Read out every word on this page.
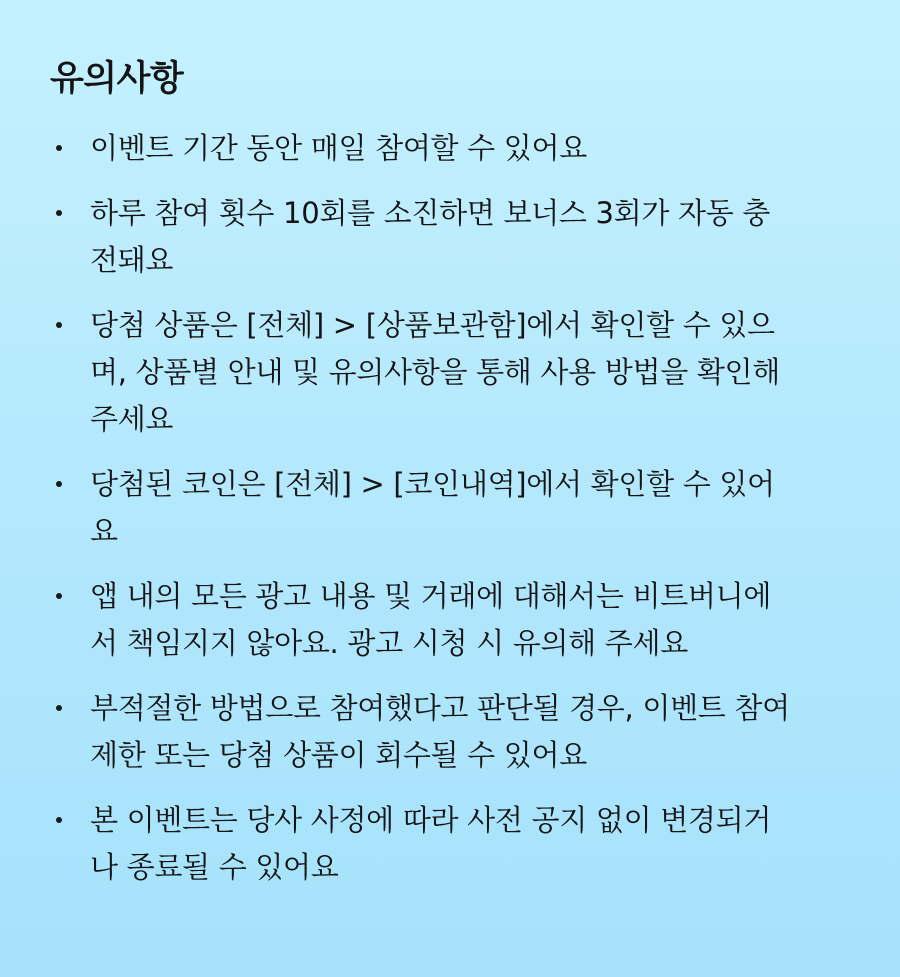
유의사항
이벤트 기간 동안 매일 참여할 수 있어요
하루 참여 횟수 10회를 소진하면 보너스 3회가 자동 충
전돼요
당첨 상품은 [전체] > [상품보관함]에서 확인할 수 있으
며, 상품별 안내 및 유의사항을 통해 사용 방법을 확인해
주세요
당첨된 코인은 [전체] > [코인내역]에서 확인할 수 있어
요
앱 내의 모든 광고 내용 및 거래에 대해서는 비트버니에
서 책임지지 않아요. 광고 시청 시 유의해 주세요
부적절한 방법으로 참여했다고 판단될 경우, 이벤트 참여
제한 또는 당첨 상품이 회수될 수 있어요
본 이벤트는 당사 사정에 따라 사전 공지 없이 변경되거
나 종료될 수 있어요
